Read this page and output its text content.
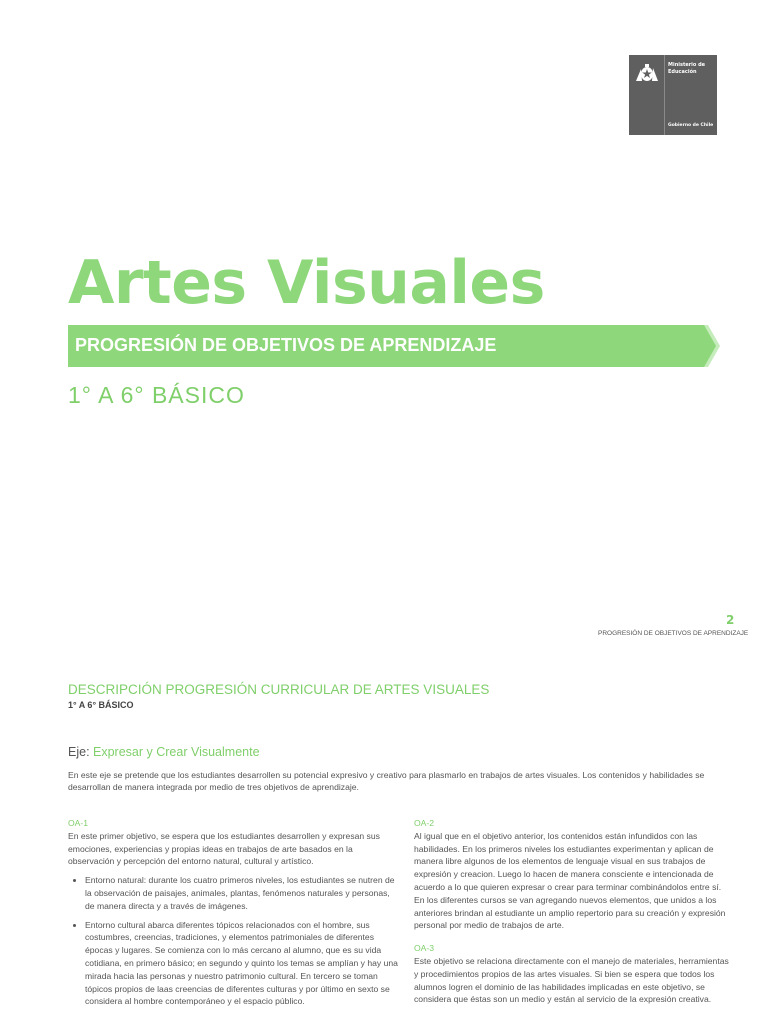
Ministerio de
Educación
Gobierno de Chile
Artes Visuales
PROGRESIÓN DE OBJETIVOS DE APRENDIZAJE
1° A 6° BÁSICO
2
PROGRESIÓN DE OBJETIVOS DE APRENDIZAJE
DESCRIPCIÓN PROGRESIÓN CURRICULAR DE ARTES VISUALES
1° A 6° BÁSICO
Eje: Expresar y Crear Visualmente
En este eje se pretende que los estudiantes desarrollen su potencial expresivo y creativo para plasmarlo en trabajos de artes visuales. Los contenidos y habilidades se desarrollan de manera integrada por medio de tres objetivos de aprendizaje.
OA-1
En este primer objetivo, se espera que los estudiantes desarrollen y expresan sus emociones, experiencias y propias ideas en trabajos de arte basados en la observación y percepción del entorno natural, cultural y artístico.
• Entorno natural: durante los cuatro primeros niveles, los estudiantes se nutren de la observación de paisajes, animales, plantas, fenómenos naturales y personas, de manera directa y a través de imágenes.
• Entorno cultural abarca diferentes tópicos relacionados con el hombre, sus costumbres, creencias, tradiciones, y elementos patrimoniales de diferentes épocas y lugares. Se comienza con lo más cercano al alumno, que es su vida cotidiana, en primero básico; en segundo y quinto los temas se amplían y hay una mirada hacia las personas y nuestro patrimonio cultural. En tercero se toman tópicos propios de laas creencias de diferentes culturas y por último en sexto se considera al hombre contemporáneo y el espacio público.
OA-2
Al igual que en el objetivo anterior, los contenidos están infundidos con las habilidades. En los primeros niveles los estudiantes experimentan y aplican de manera libre algunos de los elementos de lenguaje visual en sus trabajos de expresión y creacion. Luego lo hacen de manera consciente e intencionada de acuerdo a lo que quieren expresar o crear para terminar combinándolos entre sí. En los diferentes cursos se van agregando nuevos elementos, que unidos a los anteriores brindan al estudiante un amplio repertorio para su creación y expresión personal por medio de trabajos de arte.
OA-3
Este objetivo se relaciona directamente con el manejo de materiales, herramientas y procedimientos propios de las artes visuales. Si bien se espera que todos los alumnos logren el dominio de las habilidades implicadas en este objetivo, se considera que éstas son un medio y están al servicio de la expresión creativa.
